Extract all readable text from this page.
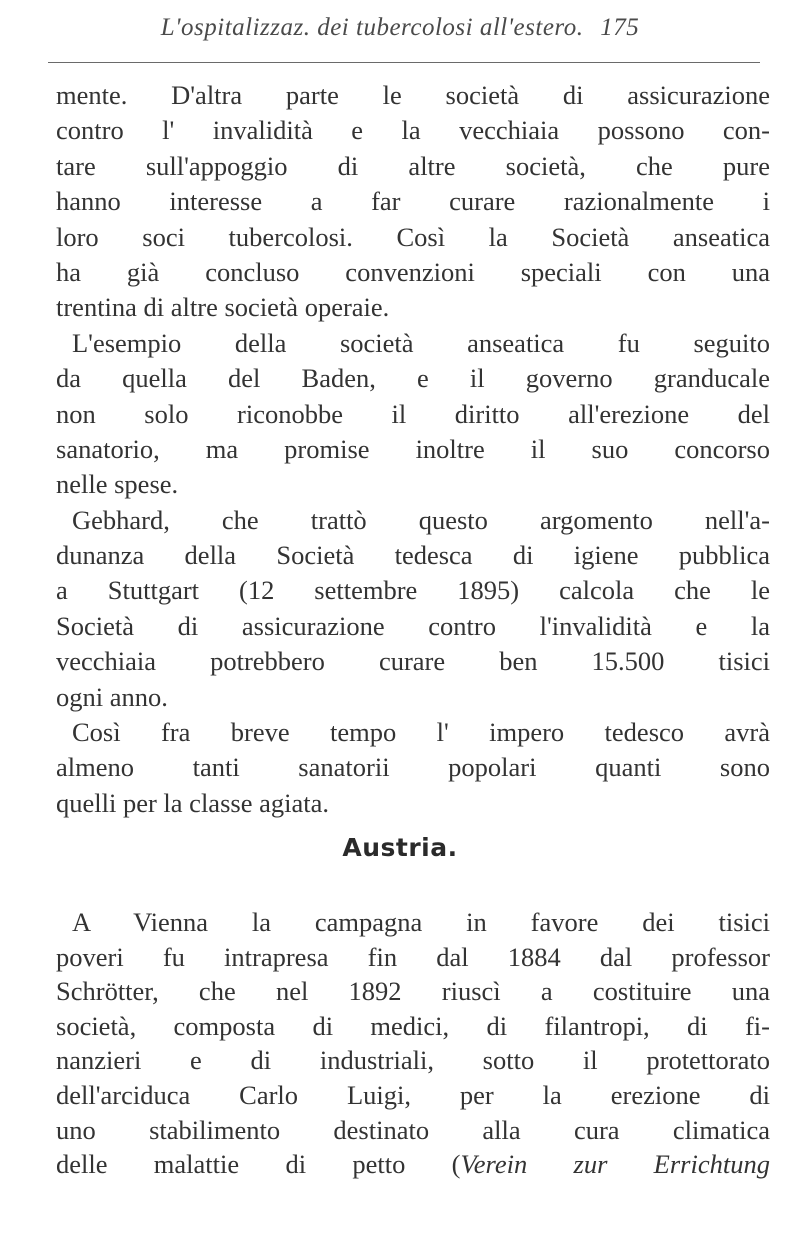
L'ospitalizzaz. dei tubercolosi all'estero. 175
mente. D'altra parte le società di assicurazione
contro l' invalidità e la vecchiaia possono con-
tare sull'appoggio di altre società, che pure
hanno interesse a far curare razionalmente i
loro soci tubercolosi. Così la Società anseatica
ha già concluso convenzioni speciali con una
trentina di altre società operaie.
L'esempio della società anseatica fu seguito
da quella del Baden, e il governo granducale
non solo riconobbe il diritto all'erezione del
sanatorio, ma promise inoltre il suo concorso
nelle spese.
Gebhard, che trattò questo argomento nell'a-
dunanza della Società tedesca di igiene pubblica
a Stuttgart (12 settembre 1895) calcola che le
Società di assicurazione contro l'invalidità e la
vecchiaia potrebbero curare ben 15.500 tisici
ogni anno.
Così fra breve tempo l' impero tedesco avrà
almeno tanti sanatorii popolari quanti sono
quelli per la classe agiata.
Austria.
A Vienna la campagna in favore dei tisici
poveri fu intrapresa fin dal 1884 dal professor
Schrötter, che nel 1892 riuscì a costituire una
società, composta di medici, di filantropi, di fi-
nanzieri e di industriali, sotto il protettorato
dell'arciduca Carlo Luigi, per la erezione di
uno stabilimento destinato alla cura climatica
delle malattie di petto (Verein zur Errichtung
